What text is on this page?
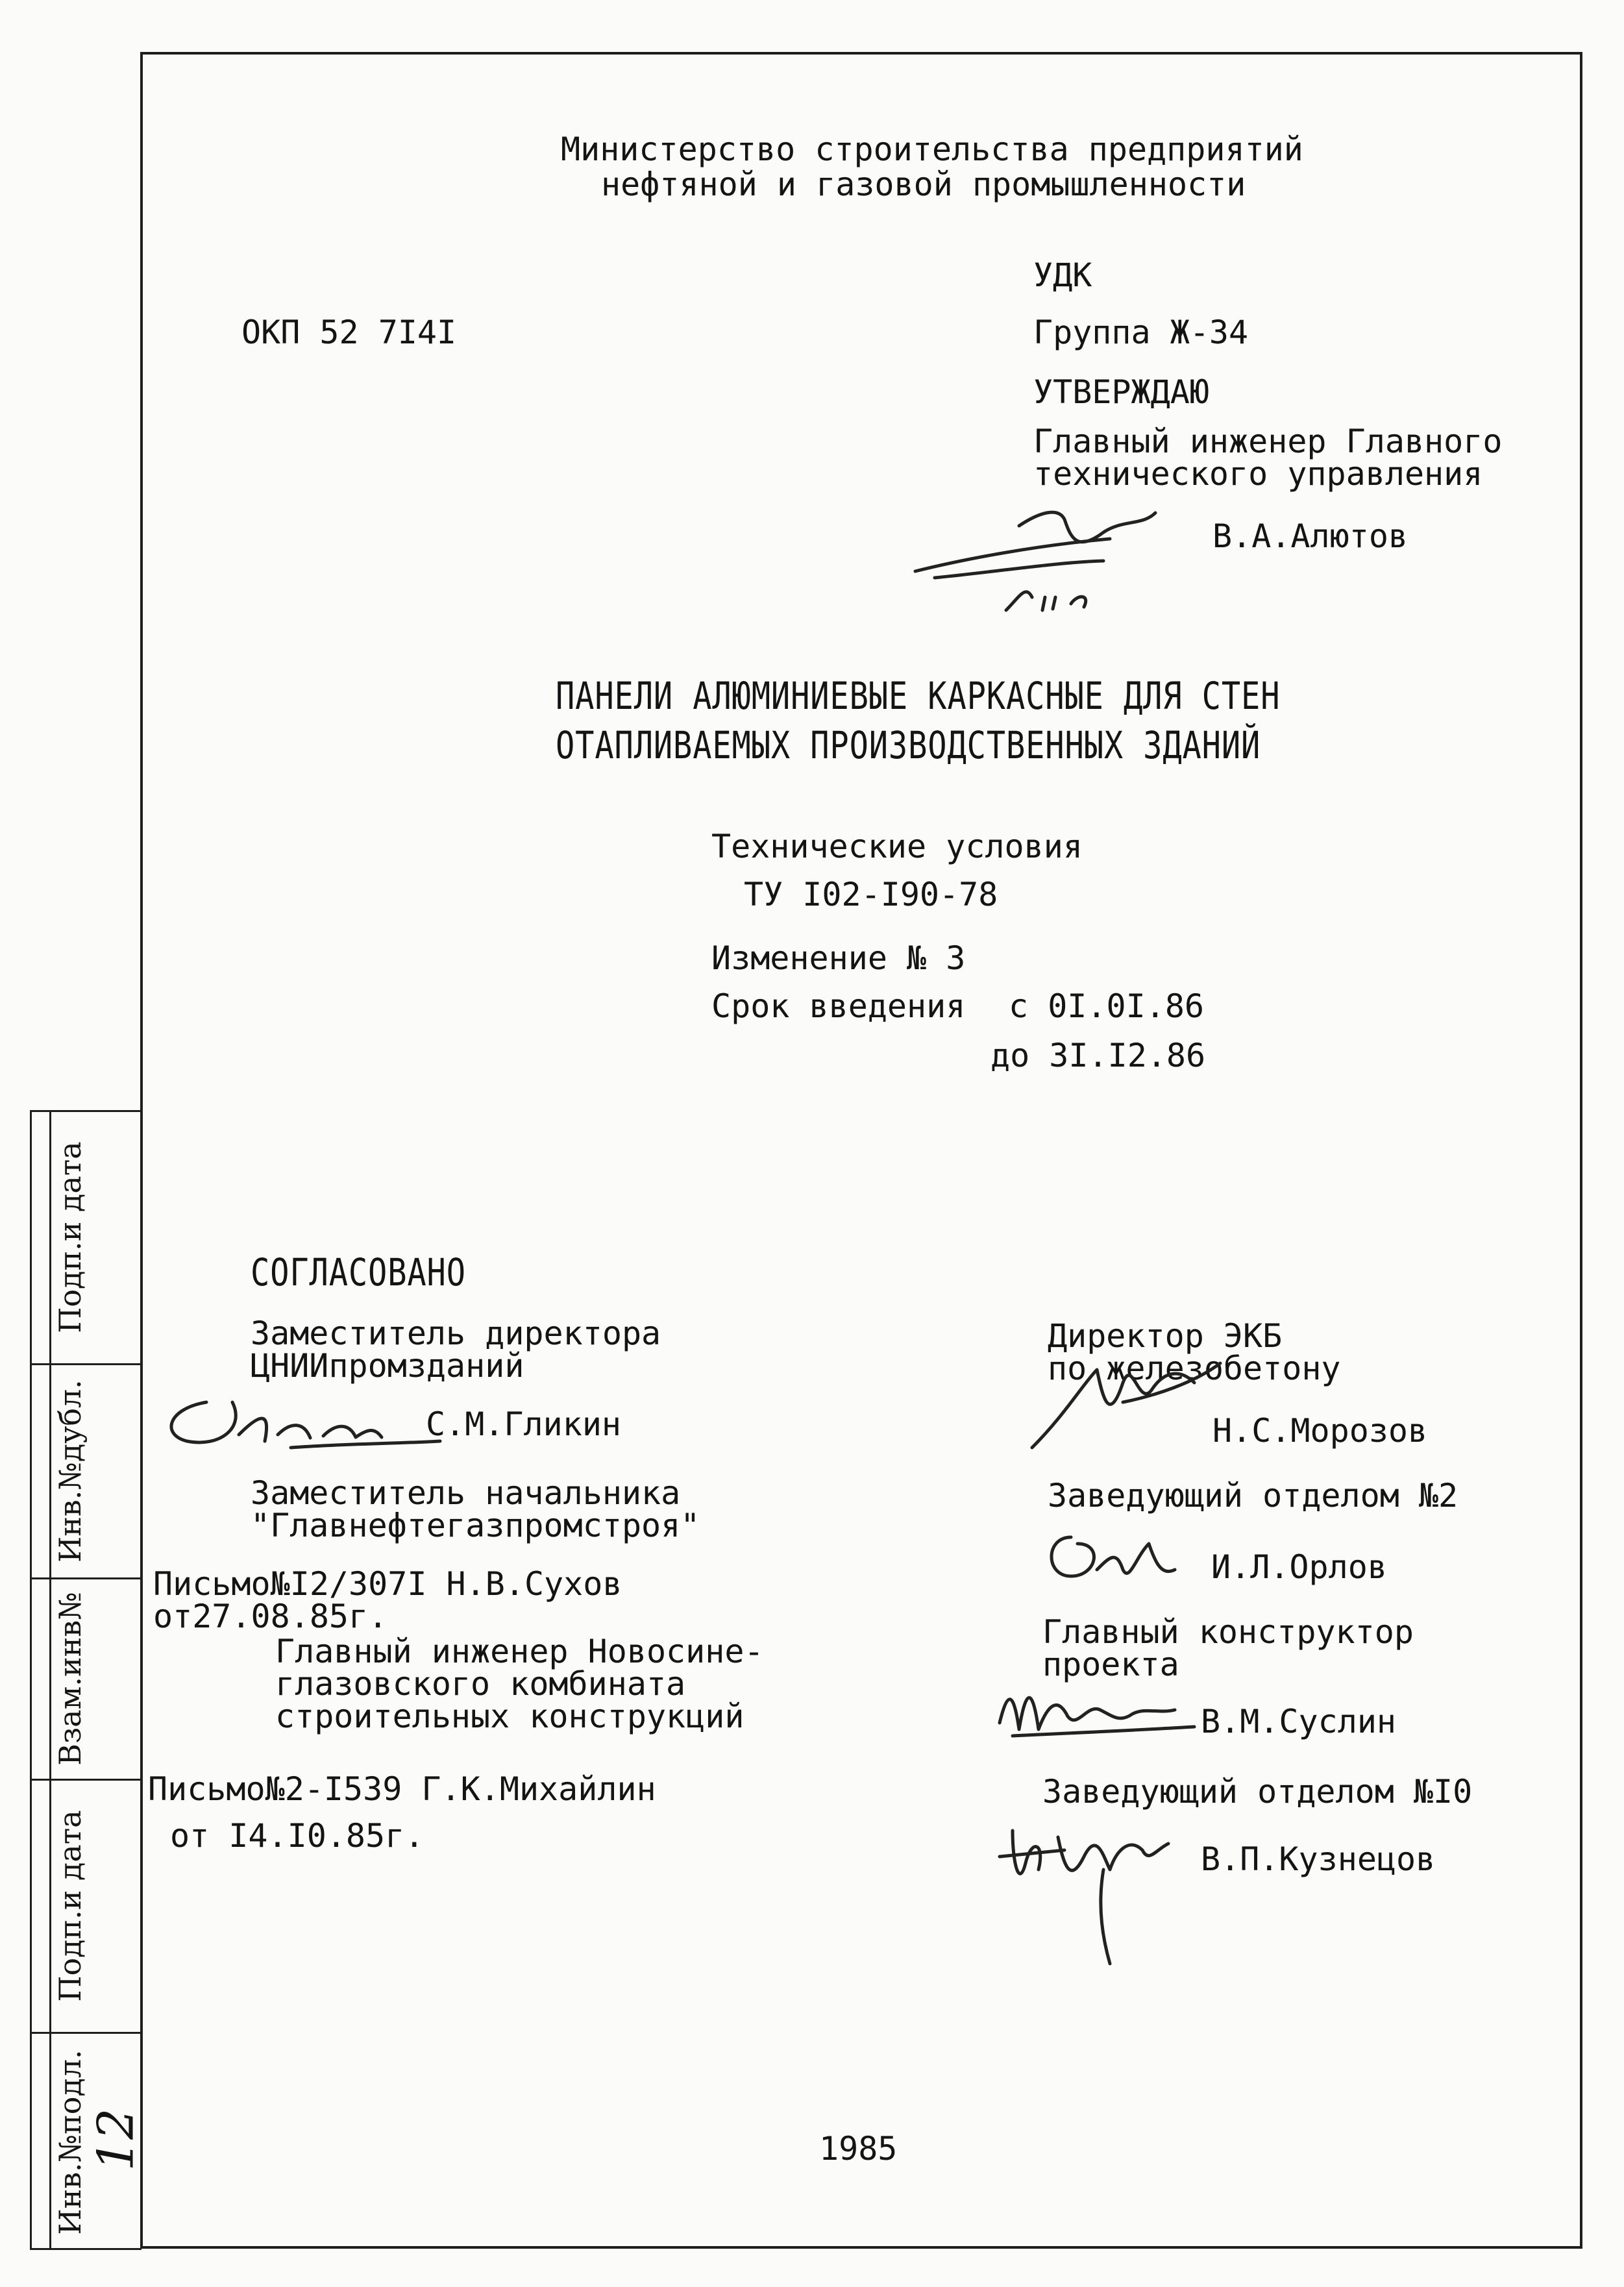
Инв.№подл.
Подп.и дата
Взам.инв№
Инв.№дубл.
Подп.и дата
12
Министерство строительства предприятий
нефтяной и газовой промышленности
УДК
ОКП 52 7I4I	Группа Ж-34
УТВЕРЖДАЮ
Главный инженер Главного
технического управления
В.А.Алютов
ПАНЕЛИ АЛЮМИНИЕВЫЕ КАРКАСНЫЕ ДЛЯ СТЕН
ОТАПЛИВАЕМЫХ ПРОИЗВОДСТВЕННЫХ ЗДАНИЙ
Технические условия
ТУ I02-I90-78
Изменение № 3
Срок введения с 0I.0I.86
до 3I.I2.86
СОГЛАСОВАНО
Заместитель директора
ЦНИИпромзданий
С.М.Гликин
Заместитель начальника
"Главнефтегазпромстроя"
Письмо№I2/307I Н.В.Сухов
от27.08.85г.
Главный инженер Новосине-
глазовского комбината
строительных конструкций
Письмо№2-I539 Г.К.Михайлин
от I4.I0.85г.
Директор ЭКБ
по железобетону
Н.С.Морозов
Заведующий отделом №2
И.Л.Орлов
Главный конструктор
проекта
В.М.Суслин
Заведующий отделом №I0
В.П.Кузнецов
1985
